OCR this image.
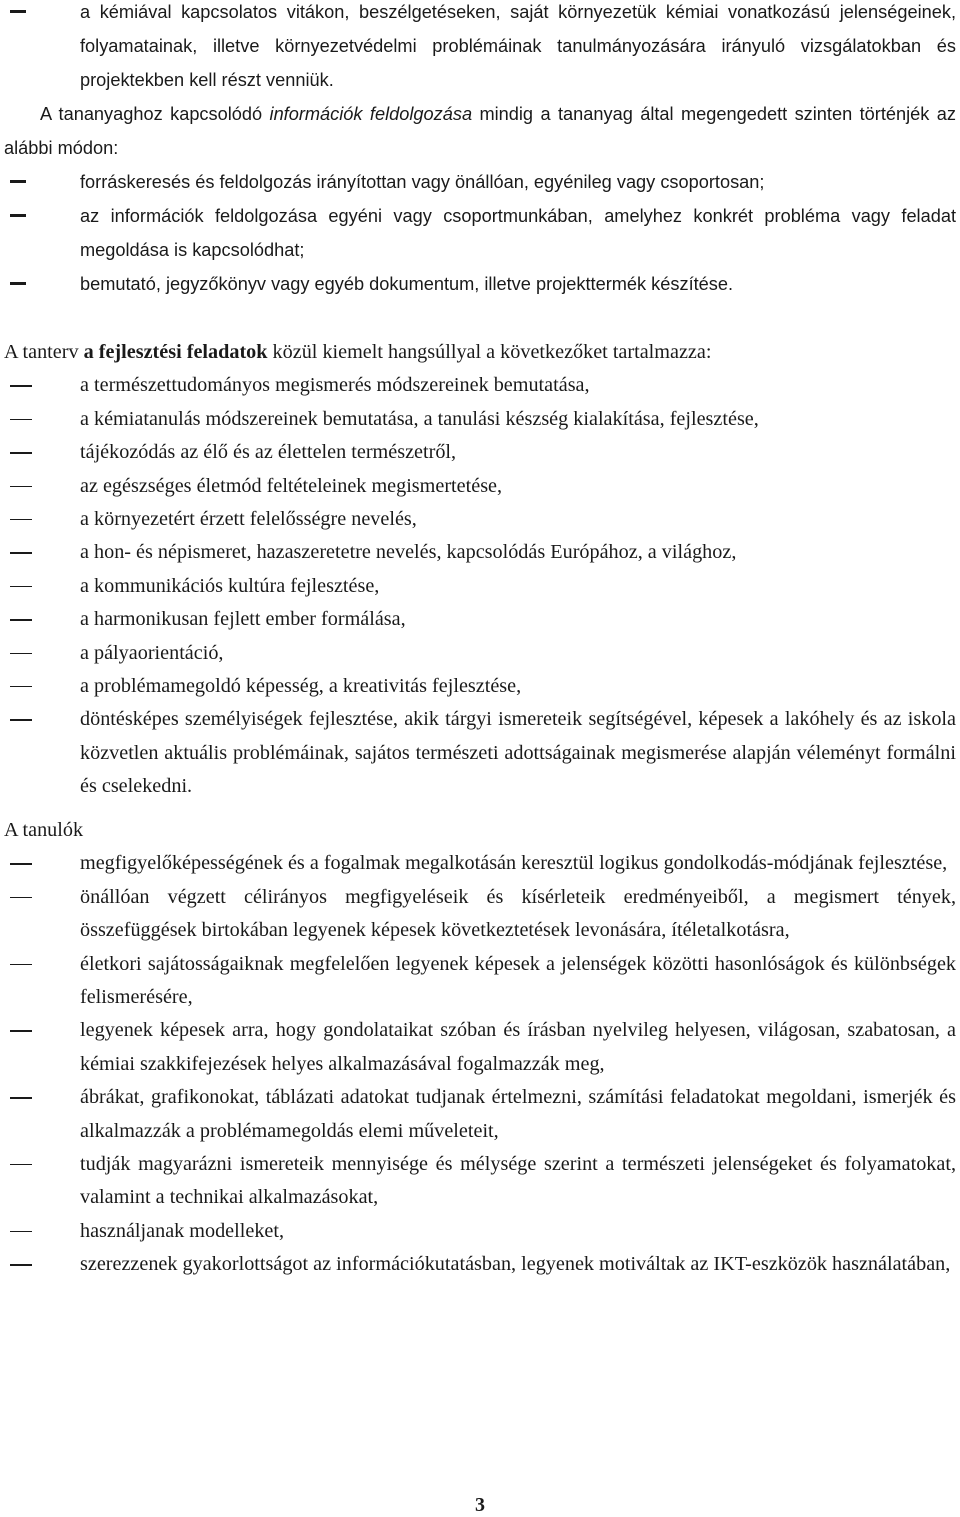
a kémiával kapcsolatos vitákon, beszélgetéseken, saját környezetük kémiai vonatkozású jelenségeinek, folyamatainak, illetve környezetvédelmi problémáinak tanulmányozására irányuló vizsgálatokban és projektekben kell részt venniük.

A tananyaghoz kapcsolódó információk feldolgozása mindig a tananyag által megengedett szinten történjék az alábbi módon:

forráskeresés és feldolgozás irányítottan vagy önállóan, egyénileg vagy csoportosan;
az információk feldolgozása egyéni vagy csoportmunkában, amelyhez konkrét probléma vagy feladat megoldása is kapcsolódhat;
bemutató, jegyzőkönyv vagy egyéb dokumentum, illetve projekttermék készítése.

A tanterv a fejlesztési feladatok közül kiemelt hangsúllyal a következőket tartalmazza:

a természettudományos megismerés módszereinek bemutatása,
a kémiatanulás módszereinek bemutatása, a tanulási készség kialakítása, fejlesztése,
tájékozódás az élő és az élettelen természetről,
az egészséges életmód feltételeinek megismertetése,
a környezetért érzett felelősségre nevelés,
a hon- és népismeret, hazaszeretetre nevelés, kapcsolódás Európához, a világhoz,
a kommunikációs kultúra fejlesztése,
a harmonikusan fejlett ember formálása,
a pályaorientáció,
a problémamegoldó képesség, a kreativitás fejlesztése,
döntésképes személyiségek fejlesztése, akik tárgyi ismereteik segítségével, képesek a lakóhely és az iskola közvetlen aktuális problémáinak, sajátos természeti adottságainak megismerése alapján véleményt formálni és cselekedni.

A tanulók

megfigyelőképességének és a fogalmak megalkotásán keresztül logikus gondolkodás-módjának fejlesztése,
önállóan végzett célirányos megfigyeléseik és kísérleteik eredményeiből, a megismert tények, összefüggések birtokában legyenek képesek következtetések levonására, ítéletalkotásra,
életkori sajátosságaiknak megfelelően legyenek képesek a jelenségek közötti hasonlóságok és különbségek felismerésére,
legyenek képesek arra, hogy gondolataikat szóban és írásban nyelvileg helyesen, világosan, szabatosan, a kémiai szakkifejezések helyes alkalmazásával fogalmazzák meg,
ábrákat, grafikonokat, táblázati adatokat tudjanak értelmezni, számítási feladatokat megoldani, ismerjék és alkalmazzák a problémamegoldás elemi műveleteit,
tudják magyarázni ismereteik mennyisége és mélysége szerint a természeti jelenségeket és folyamatokat, valamint a technikai alkalmazásokat,
használjanak modelleket,
szerezzenek gyakorlottságot az információkutatásban, legyenek motiváltak az IKT-eszközök használatában,
3
